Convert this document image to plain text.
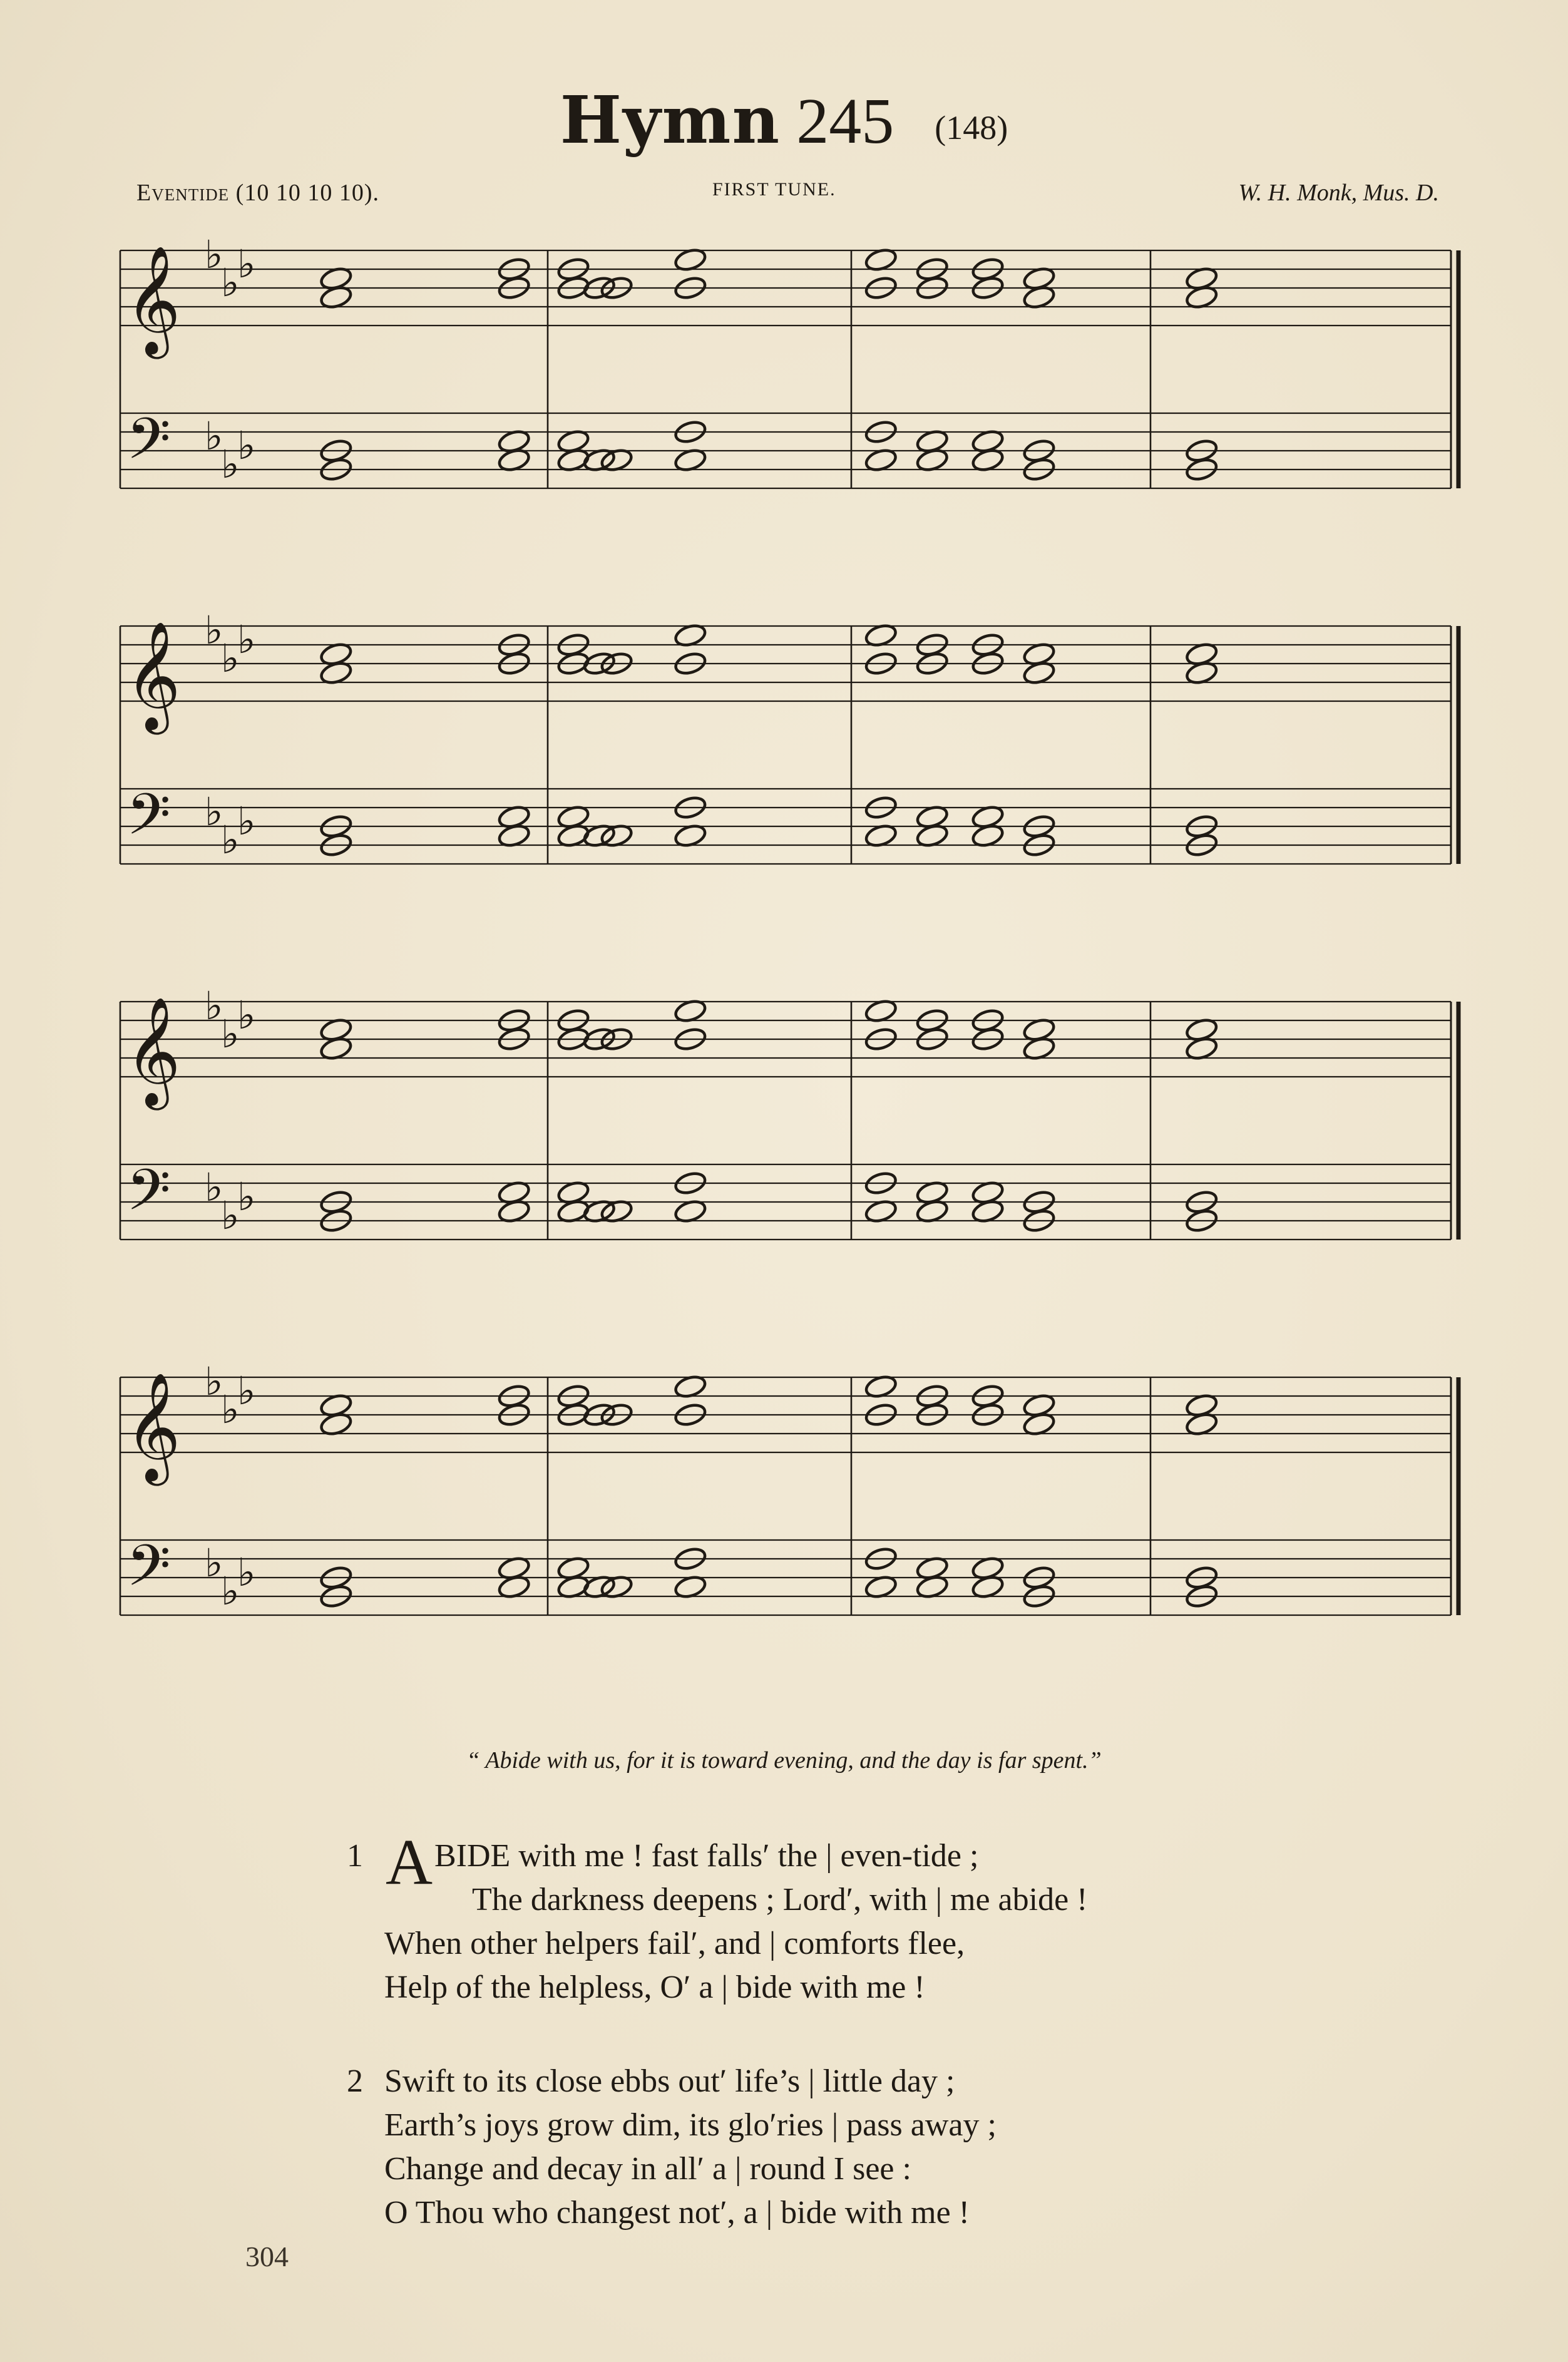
Hymn 245 (148)
Eventide (10 10 10 10).	FIRST TUNE.	W. H. Monk, Mus. D.
𝄞 ♭
♭
♭
𝄢 ♭
♭
♭
𝄞 ♭
♭
♭
𝄢 ♭
♭
♭
𝄞 ♭
♭
♭
𝄢 ♭
♭
♭
𝄞 ♭
♭
♭
𝄢 ♭
♭
♭
“ Abide with us, for it is toward evening, and the day is far spent.”
1 A BIDE with me ! fast falls′ the | even-tide ;
The darkness deepens ; Lord′, with | me abide !
When other helpers fail′, and | comforts flee,
Help of the helpless, O′ a | bide with me !
2 Swift to its close ebbs out′ life’s | little day ;
Earth’s joys grow dim, its glo′ries | pass away ;
Change and decay in all′ a | round I see :
O Thou who changest not′, a | bide with me !
304
